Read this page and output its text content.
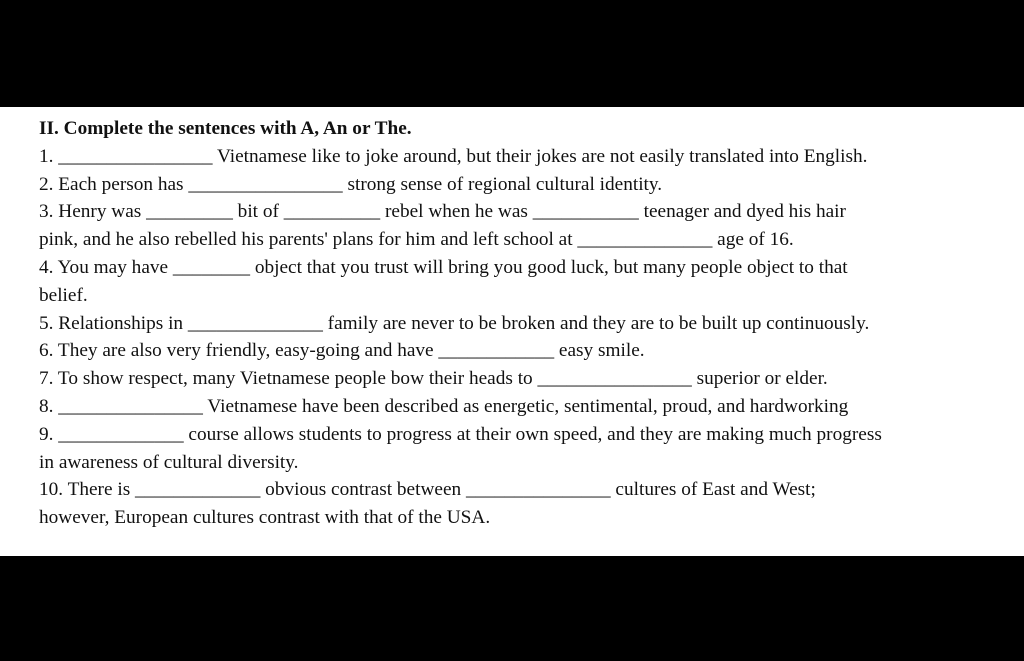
II. Complete the sentences with A, An or The.
1. ________________ Vietnamese like to joke around, but their jokes are not easily translated into English.
2. Each person has ________________ strong sense of regional cultural identity.
3. Henry was _________ bit of __________ rebel when he was ___________ teenager and dyed his hair
pink, and he also rebelled his parents' plans for him and left school at ______________ age of 16.
4. You may have ________ object that you trust will bring you good luck, but many people object to that
belief.
5. Relationships in ______________ family are never to be broken and they are to be built up continuously.
6. They are also very friendly, easy-going and have ____________ easy smile.
7. To show respect, many Vietnamese people bow their heads to ________________ superior or elder.
8. _______________ Vietnamese have been described as energetic, sentimental, proud, and hardworking
9. _____________ course allows students to progress at their own speed, and they are making much progress
in awareness of cultural diversity.
10. There is _____________ obvious contrast between _______________ cultures of East and West;
however, European cultures contrast with that of the USA.
